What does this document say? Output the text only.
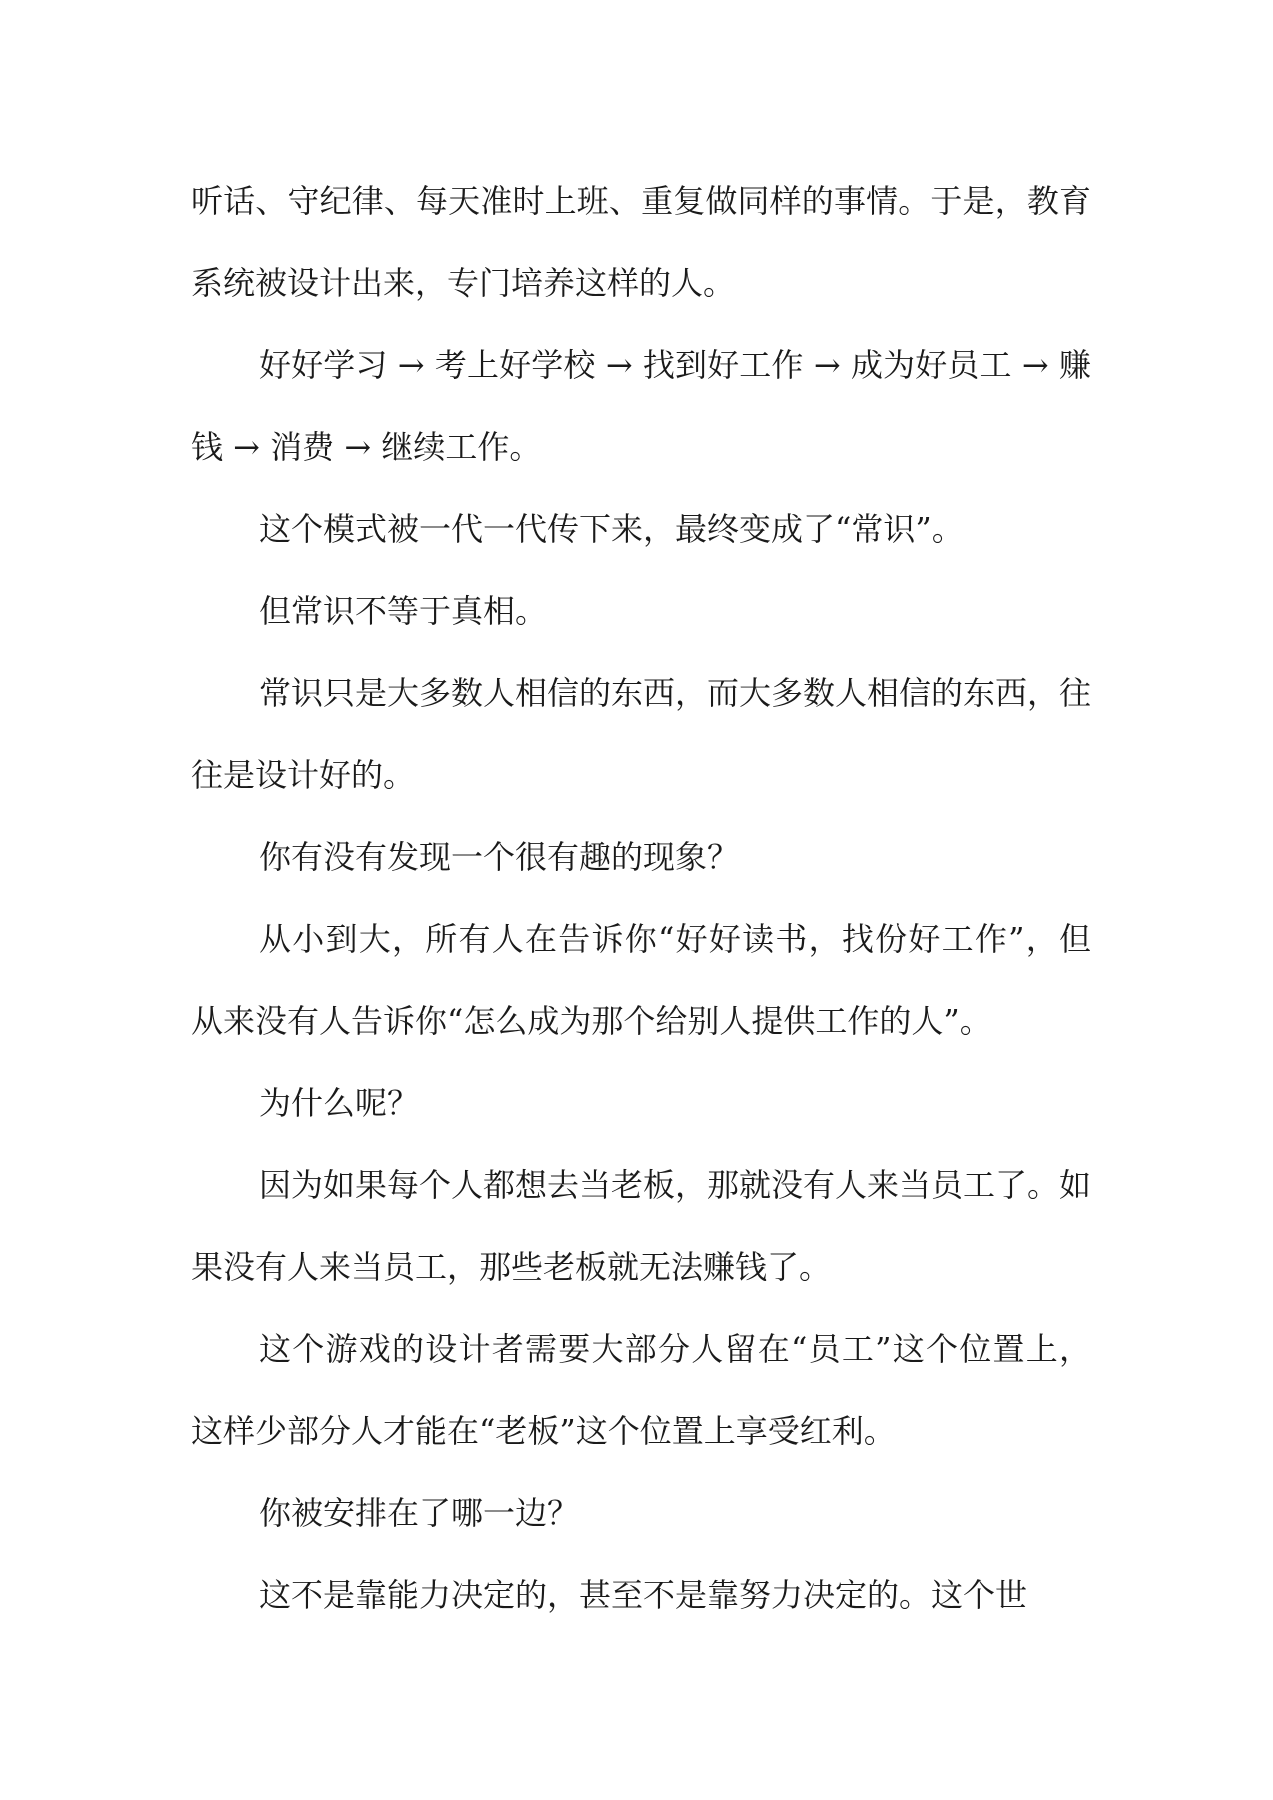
听话、守纪律、每天准时上班、重复做同样的事情。于是，教育系统被设计出来，专门培养这样的人。

好好学习 → 考上好学校 → 找到好工作 → 成为好员工 → 赚钱 → 消费 → 继续工作。

这个模式被一代一代传下来，最终变成了“常识”。

但常识不等于真相。

常识只是大多数人相信的东西，而大多数人相信的东西，往往是设计好的。

你有没有发现一个很有趣的现象？

从小到大，所有人在告诉你“好好读书，找份好工作”，但从来没有人告诉你“怎么成为那个给别人提供工作的人”。

为什么呢？

因为如果每个人都想去当老板，那就没有人来当员工了。如果没有人来当员工，那些老板就无法赚钱了。

这个游戏的设计者需要大部分人留在“员工”这个位置上，这样少部分人才能在“老板”这个位置上享受红利。

你被安排在了哪一边？

这不是靠能力决定的，甚至不是靠努力决定的。这个世
